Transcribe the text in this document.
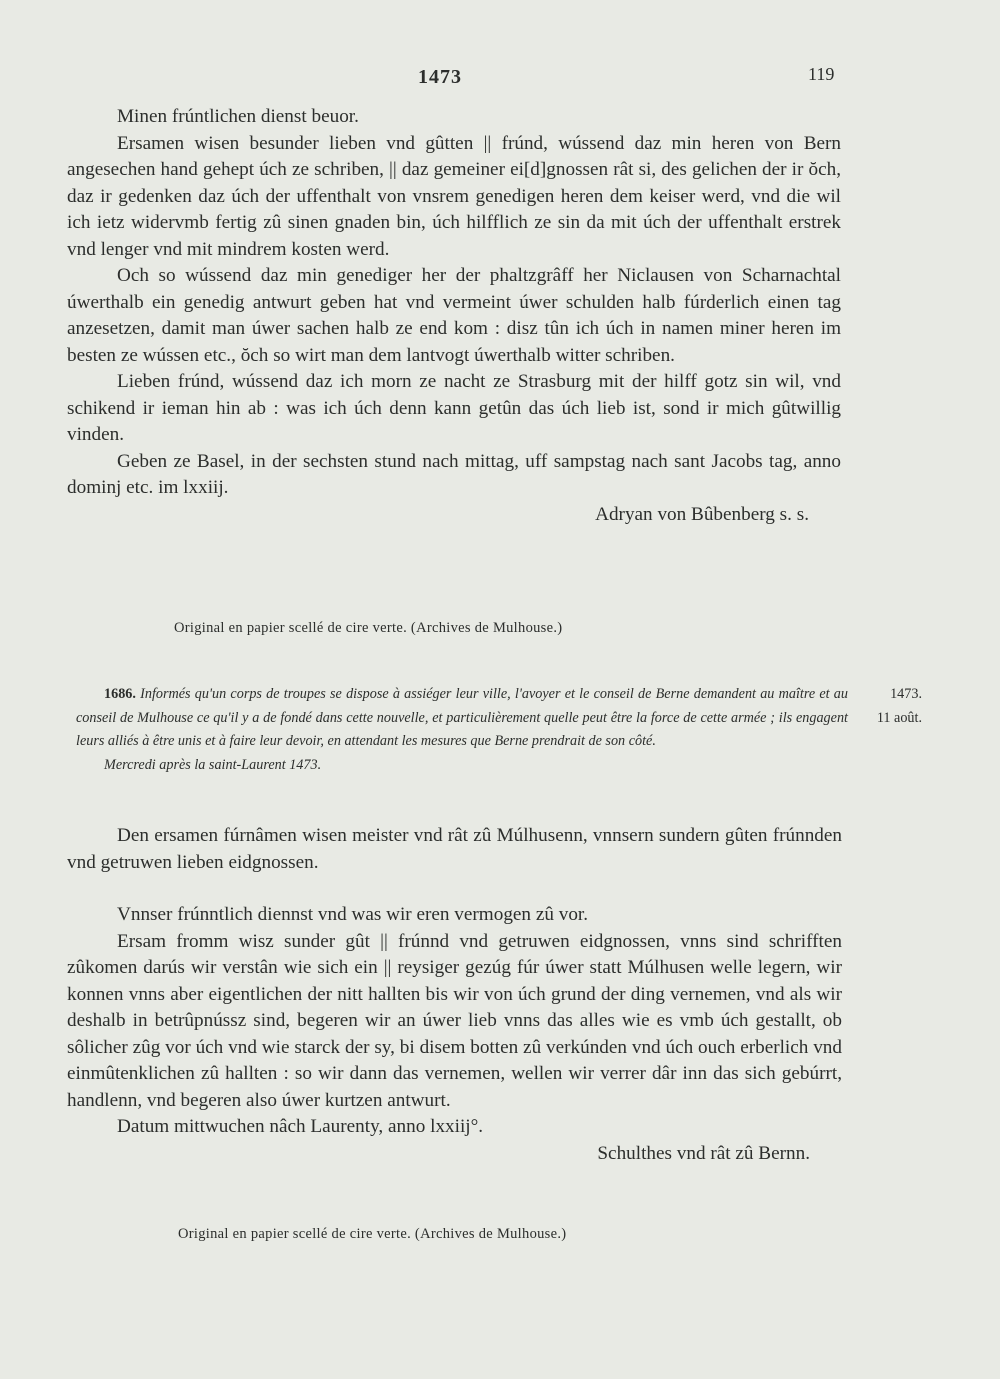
1473	119

Minen frúntlichen dienst beuor.

Ersamen wisen besunder lieben vnd gûtten || frúnd, wússend daz min heren von Bern angesechen hand gehept úch ze schriben, || daz gemeiner ei[d]gnossen rât si, des gelichen der ir ŏch, daz ir gedenken daz úch der uffenthalt von vnsrem genedigen heren dem keiser werd, vnd die wil ich ietz widervmb fertig zû sinen gnaden bin, úch hilfflich ze sin da mit úch der uffenthalt erstrek vnd lenger vnd mit mindrem kosten werd.

Och so wússend daz min genediger her der phaltzgrâff her Niclausen von Scharnachtal úwerthalb ein genedig antwurt geben hat vnd vermeint úwer schulden halb fúrderlich einen tag anzesetzen, damit man úwer sachen halb ze end kom : disz tûn ich úch in namen miner heren im besten ze wússen etc., ŏch so wirt man dem lantvogt úwerthalb witter schriben.

Lieben frúnd, wússend daz ich morn ze nacht ze Strasburg mit der hilff gotz sin wil, vnd schikend ir ieman hin ab : was ich úch denn kann getûn das úch lieb ist, sond ir mich gûtwillig vinden.

Geben ze Basel, in der sechsten stund nach mittag, uff sampstag nach sant Jacobs tag, anno dominj etc. im lxxiij.

Adryan von Bûbenberg s. s.

Original en papier scellé de cire verte. (Archives de Mulhouse.)
1686. Informés qu'un corps de troupes se dispose à assiéger leur ville, l'avoyer et le conseil de Berne demandent au maître et au conseil de Mulhouse ce qu'il y a de fondé dans cette nouvelle, et particulièrement quelle peut être la force de cette armée ; ils engagent leurs alliés à être unis et à faire leur devoir, en attendant les mesures que Berne prendrait de son côté.
Mercredi après la saint-Laurent 1473.
1473.
11 août.

Den ersamen fúrnâmen wisen meister vnd rât zû Múlhusenn, vnnsern sundern gûten frúnnden vnd getruwen lieben eidgnossen.

Vnnser frúnntlich diennst vnd was wir eren vermogen zû vor.

Ersam fromm wisz sunder gût || frúnnd vnd getruwen eidgnossen, vnns sind schrifften zûkomen darús wir verstân wie sich ein || reysiger gezúg fúr úwer statt Múlhusen welle legern, wir konnen vnns aber eigentlichen der nitt hallten bis wir von úch grund der ding vernemen, vnd als wir deshalb in betrûpnússz sind, begeren wir an úwer lieb vnns das alles wie es vmb úch gestallt, ob sôlicher zûg vor úch vnd wie starck der sy, bi disem botten zû verkúnden vnd úch ouch erberlich vnd einmûtenklichen zû hallten : so wir dann das vernemen, wellen wir verrer dâr inn das sich gebúrrt, handlenn, vnd begeren also úwer kurtzen antwurt.

Datum mittwuchen nâch Laurenty, anno lxxiij°.

Schulthes vnd rât zû Bernn.

Original en papier scellé de cire verte. (Archives de Mulhouse.)
